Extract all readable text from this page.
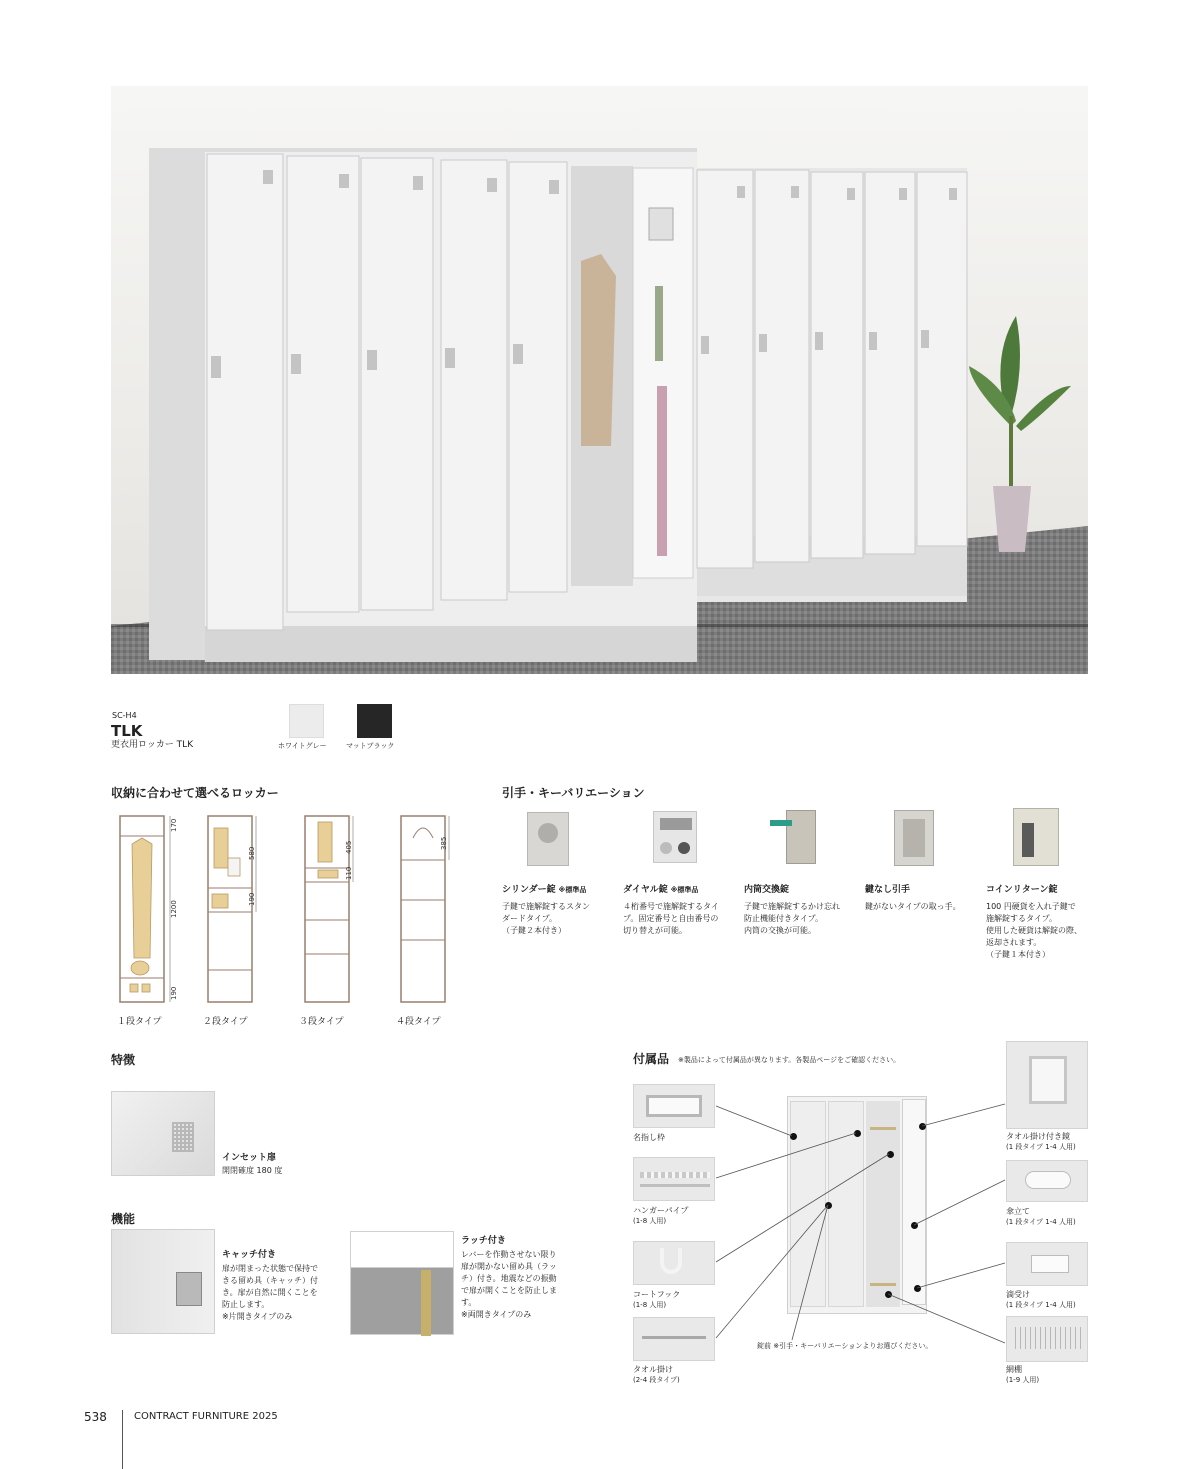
SC-H4
TLK
更衣用ロッカー TLK	ホワイトグレー	マットブラック
収納に合わせて選べるロッカー
170
1200
190
580
190
405
110
385
１段タイプ	２段タイプ	３段タイプ	４段タイプ
引手・キーバリエーション
シリンダー錠 ※標準品
子鍵で施解錠するスタン
ダードタイプ。
（子鍵２本付き）
ダイヤル錠 ※標準品
４桁番号で施解錠するタイ
プ。固定番号と自由番号の
切り替えが可能。
内筒交換錠
子鍵で施解錠するかけ忘れ
防止機能付きタイプ。
内筒の交換が可能。
鍵なし引手
鍵がないタイプの取っ手。
コインリターン錠
100 円硬貨を入れ子鍵で
施解錠するタイプ。
使用した硬貨は解錠の際、
返却されます。
（子鍵１本付き）
特徴
インセット扉
開閉確度 180 度
機能
キャッチ付き
扉が閉まった状態で保持で
きる留め具（キャッチ）付
き。扉が自然に開くことを
防止します。
※片開きタイプのみ
ラッチ付き
レバーを作動させない限り
扉が開かない留め具（ラッ
チ）付き。地震などの振動
で扉が開くことを防止しま
す。
※両開きタイプのみ
付属品 ※製品によって付属品が異なります。各製品ページをご確認ください。
名指し枠
ハンガーパイプ
(1-8 人用)
コートフック
(1-8 人用)
タオル掛け
(2-4 段タイプ)
錠前 ※引手・キーバリエーションよりお選びください。
タオル掛け付き鏡
(1 段タイプ 1-4 人用)
傘立て
(1 段タイプ 1-4 人用)
滴受け
(1 段タイプ 1-4 人用)
網棚
(1-9 人用)
538	CONTRACT FURNITURE 2025
